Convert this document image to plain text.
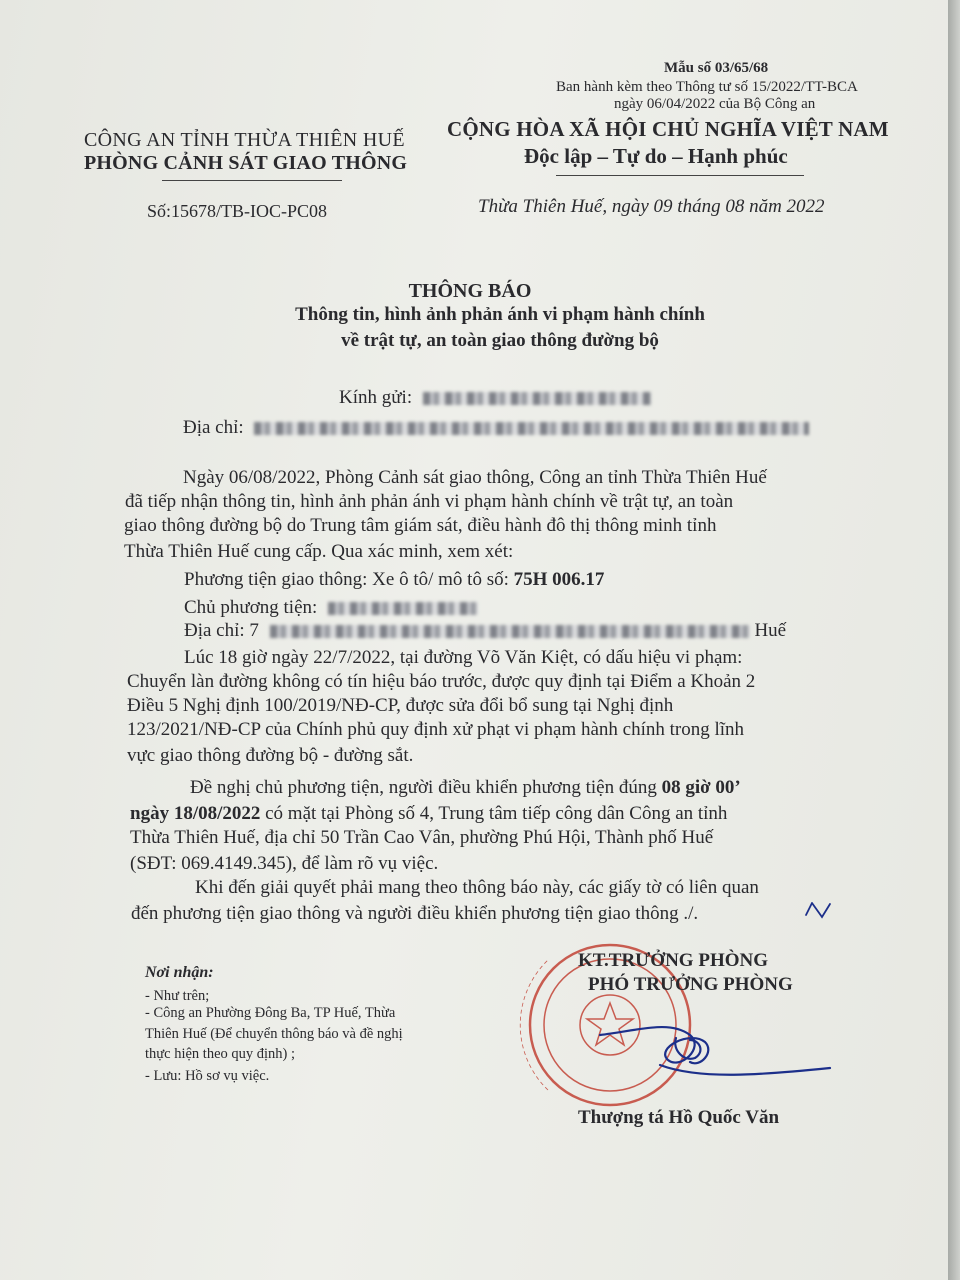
Mẫu số 03/65/68
Ban hành kèm theo Thông tư số 15/2022/TT-BCA
ngày 06/04/2022 của Bộ Công an
CÔNG AN TỈNH THỪA THIÊN HUẾ
PHÒNG CẢNH SÁT GIAO THÔNG
CỘNG HÒA XÃ HỘI CHỦ NGHĨA VIỆT NAM
Độc lập – Tự do – Hạnh phúc
Số:15678/TB-IOC-PC08	Thừa Thiên Huế, ngày 09 tháng 08 năm 2022
THÔNG BÁO
Thông tin, hình ảnh phản ánh vi phạm hành chính
về trật tự, an toàn giao thông đường bộ
Kính gửi:
Địa chỉ:
Ngày 06/08/2022, Phòng Cảnh sát giao thông, Công an tỉnh Thừa Thiên Huế
đã tiếp nhận thông tin, hình ảnh phản ánh vi phạm hành chính về trật tự, an toàn
giao thông đường bộ do Trung tâm giám sát, điều hành đô thị thông minh tỉnh
Thừa Thiên Huế cung cấp. Qua xác minh, xem xét:
Phương tiện giao thông: Xe ô tô/ mô tô số: 75H 006.17
Chủ phương tiện:
Địa chỉ: 7	Huế
Lúc 18 giờ ngày 22/7/2022, tại đường Võ Văn Kiệt, có dấu hiệu vi phạm:
Chuyển làn đường không có tín hiệu báo trước, được quy định tại Điểm a Khoản 2
Điều 5 Nghị định 100/2019/NĐ-CP, được sửa đổi bổ sung tại Nghị định
123/2021/NĐ-CP của Chính phủ quy định xử phạt vi phạm hành chính trong lĩnh
vực giao thông đường bộ - đường sắt.
Đề nghị chủ phương tiện, người điều khiển phương tiện đúng 08 giờ 00’
ngày 18/08/2022 có mặt tại Phòng số 4, Trung tâm tiếp công dân Công an tỉnh
Thừa Thiên Huế, địa chỉ 50 Trần Cao Vân, phường Phú Hội, Thành phố Huế
(SĐT: 069.4149.345), để làm rõ vụ việc.
Khi đến giải quyết phải mang theo thông báo này, các giấy tờ có liên quan
đến phương tiện giao thông và người điều khiển phương tiện giao thông ./.
Nơi nhận:
- Như trên;
- Công an Phường Đông Ba, TP Huế, Thừa
Thiên Huế (Để chuyển thông báo và đề nghị
thực hiện theo quy định) ;
- Lưu: Hồ sơ vụ việc.
KT.TRƯỞNG PHÒNG
PHÓ TRƯỞNG PHÒNG
Thượng tá Hồ Quốc Văn
